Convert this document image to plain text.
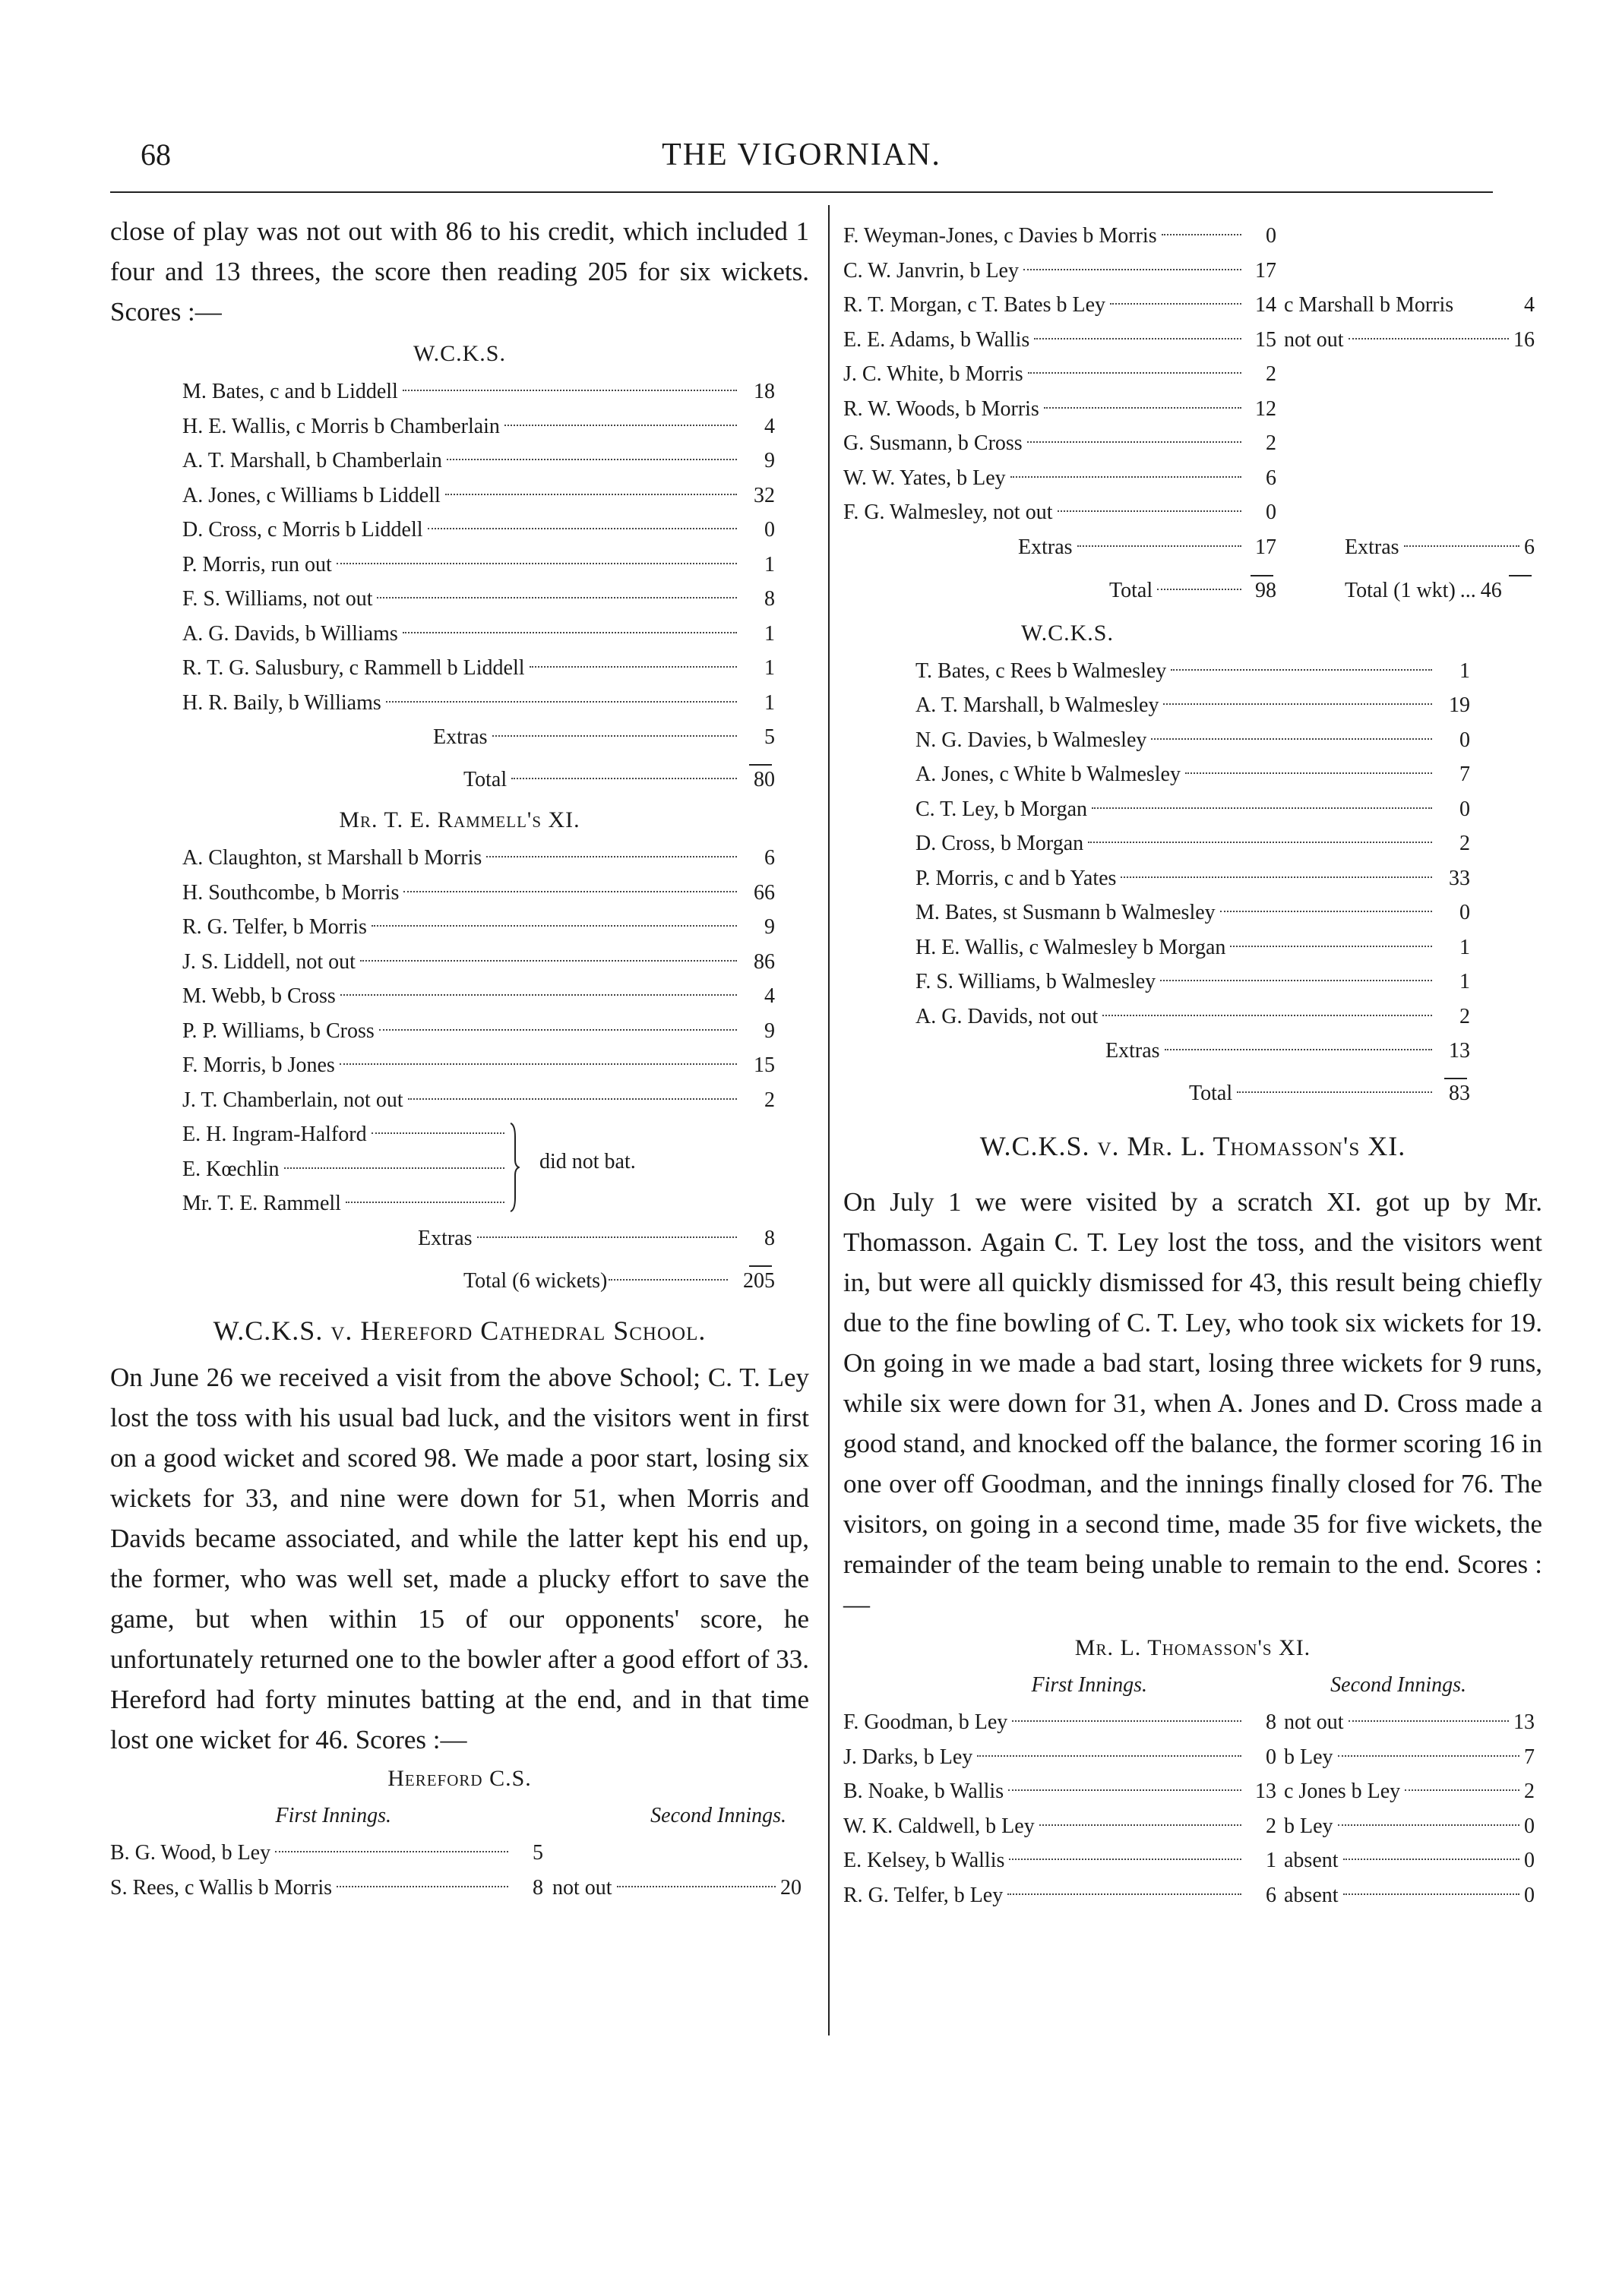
68	THE VIGORNIAN.

close of play was not out with 86 to his credit, which included 1 four and 13 threes, the score then reading 205 for six wickets. Scores :—

W.C.K.S.
M. Bates, c and b Liddell	18
H. E. Wallis, c Morris b Chamberlain	4
A. T. Marshall, b Chamberlain	9
A. Jones, c Williams b Liddell	32
D. Cross, c Morris b Liddell	0
P. Morris, run out	1
F. S. Williams, not out	8
A. G. Davids, b Williams	1
R. T. G. Salusbury, c Rammell b Liddell	1
H. R. Baily, b Williams	1
Extras	5
Total	80
Mr. T. E. Rammell's XI.
A. Claughton, st Marshall b Morris	6
H. Southcombe, b Morris	66
R. G. Telfer, b Morris	9
J. S. Liddell, not out	86
M. Webb, b Cross	4
P. P. Williams, b Cross	9
F. Morris, b Jones	15
J. T. Chamberlain, not out	2
E. H. Ingram-Halford
E. Kœchlin
Mr. T. E. Rammell
did not bat.
Extras	8
Total (6 wickets)	205
W.C.K.S. v. Hereford Cathedral School.

On June 26 we received a visit from the above School; C. T. Ley lost the toss with his usual bad luck, and the visitors went in first on a good wicket and scored 98. We made a poor start, losing six wickets for 33, and nine were down for 51, when Morris and Davids became associated, and while the latter kept his end up, the former, who was well set, made a plucky effort to save the game, but when within 15 of our opponents' score, he unfortunately returned one to the bowler after a good effort of 33. Hereford had forty minutes batting at the end, and in that time lost one wicket for 46. Scores :—

Hereford C.S.
First Innings.	Second Innings.
B. G. Wood, b Ley	5
S. Rees, c Wallis b Morris	8 not out	20
F. Weyman-Jones, c Davies b Morris	0
C. W. Janvrin, b Ley	17
R. T. Morgan, c T. Bates b Ley	14 c Marshall b Morris	4
E. E. Adams, b Wallis	15 not out	16
J. C. White, b Morris	2
R. W. Woods, b Morris	12
G. Susmann, b Cross	2
W. W. Yates, b Ley	6
F. G. Walmesley, not out	0
Extras	17	Extras	6
Total	98	Total (1 wkt) ... 46
W.C.K.S.
T. Bates, c Rees b Walmesley	1
A. T. Marshall, b Walmesley	19
N. G. Davies, b Walmesley	0
A. Jones, c White b Walmesley	7
C. T. Ley, b Morgan	0
D. Cross, b Morgan	2
P. Morris, c and b Yates	33
M. Bates, st Susmann b Walmesley	0
H. E. Wallis, c Walmesley b Morgan	1
F. S. Williams, b Walmesley	1
A. G. Davids, not out	2
Extras	13
Total	83
W.C.K.S. v. Mr. L. Thomasson's XI.

On July 1 we were visited by a scratch XI. got up by Mr. Thomasson. Again C. T. Ley lost the toss, and the visitors went in, but were all quickly dismissed for 43, this result being chiefly due to the fine bowling of C. T. Ley, who took six wickets for 19. On going in we made a bad start, losing three wickets for 9 runs, while six were down for 31, when A. Jones and D. Cross made a good stand, and knocked off the balance, the former scoring 16 in one over off Goodman, and the innings finally closed for 76. The visitors, on going in a second time, made 35 for five wickets, the remainder of the team being unable to remain to the end. Scores :—

Mr. L. Thomasson's XI.
First Innings.	Second Innings.
F. Goodman, b Ley	8 not out	13
J. Darks, b Ley	0 b Ley	7
B. Noake, b Wallis	13 c Jones b Ley	2
W. K. Caldwell, b Ley	2 b Ley	0
E. Kelsey, b Wallis	1 absent	0
R. G. Telfer, b Ley	6 absent	0
